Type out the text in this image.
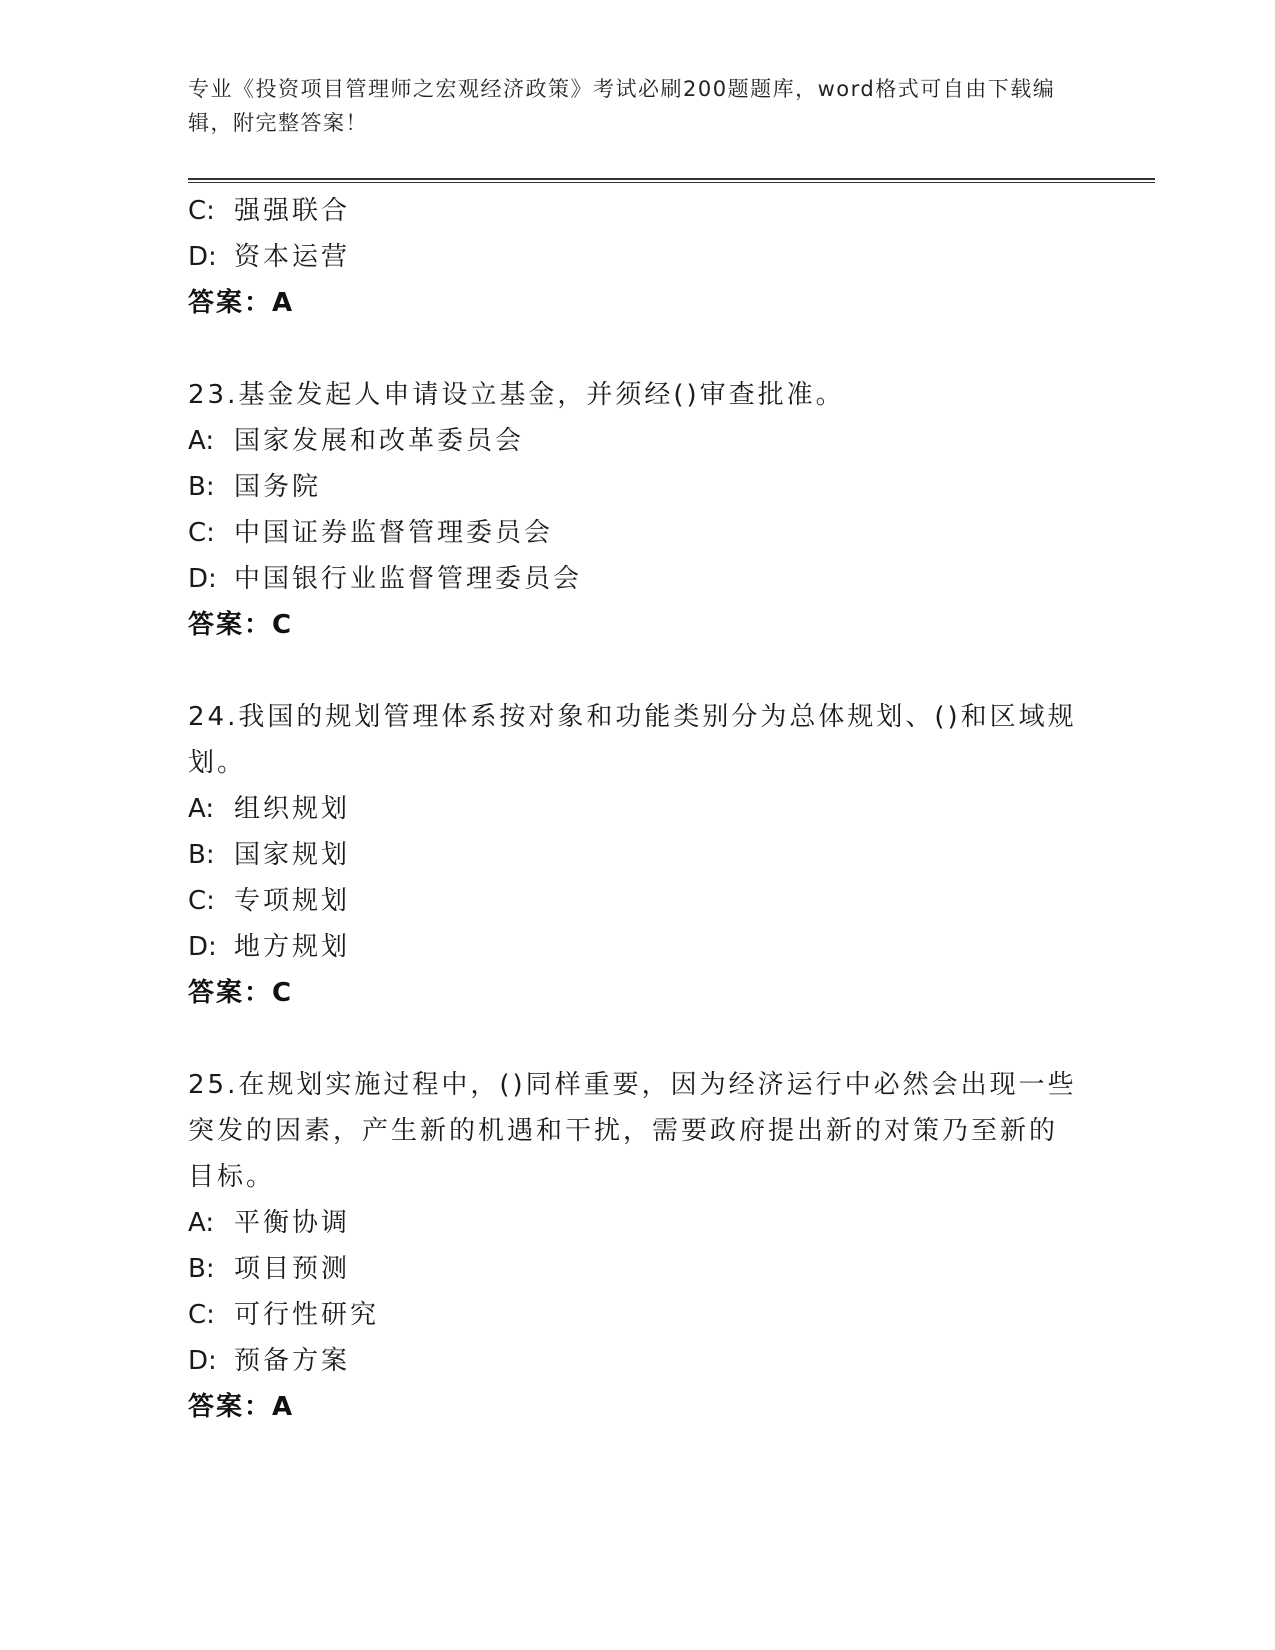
专业《投资项目管理师之宏观经济政策》考试必刷200题题库，word格式可自由下载编辑，附完整答案！
C: 强强联合
D: 资本运营
答案：A
23.基金发起人申请设立基金，并须经()审查批准。
A: 国家发展和改革委员会
B: 国务院
C: 中国证券监督管理委员会
D: 中国银行业监督管理委员会
答案：C
24.我国的规划管理体系按对象和功能类别分为总体规划、()和区域规划。
A: 组织规划
B: 国家规划
C: 专项规划
D: 地方规划
答案：C
25.在规划实施过程中，()同样重要，因为经济运行中必然会出现一些突发的因素，产生新的机遇和干扰，需要政府提出新的对策乃至新的目标。
A: 平衡协调
B: 项目预测
C: 可行性研究
D: 预备方案
答案：A
